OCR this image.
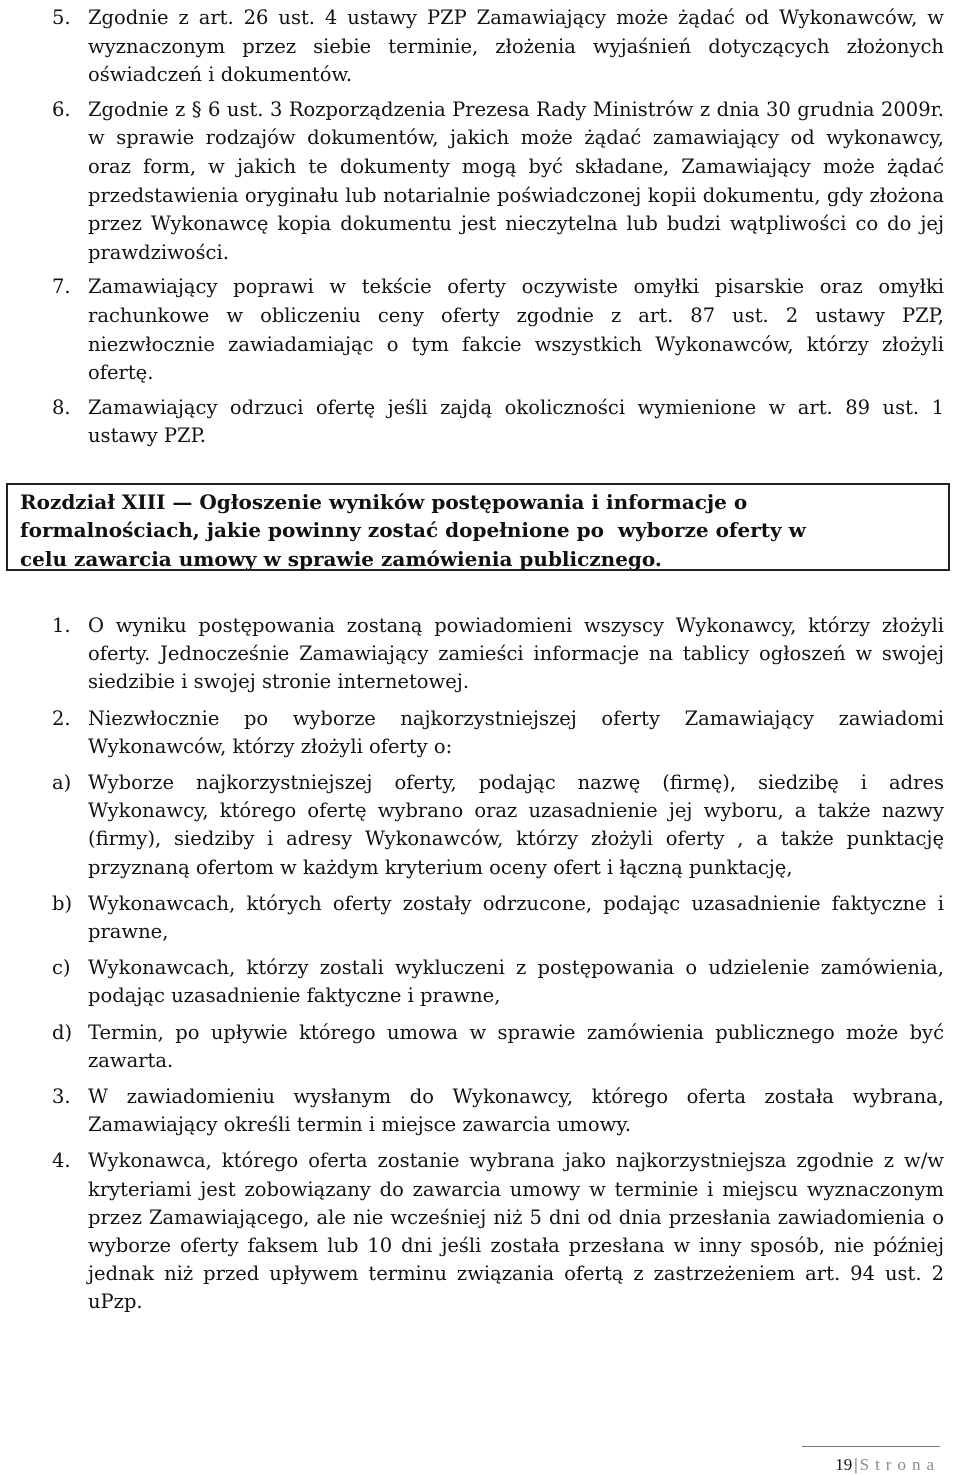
5. Zgodnie z art. 26 ust. 4 ustawy PZP Zamawiający może żądać od Wykonawców, w wyznaczonym przez siebie terminie, złożenia wyjaśnień dotyczących złożonych oświadczeń i dokumentów.
6. Zgodnie z § 6 ust. 3 Rozporządzenia Prezesa Rady Ministrów z dnia 30 grudnia 2009r. w sprawie rodzajów dokumentów, jakich może żądać zamawiający od wykonawcy, oraz form, w jakich te dokumenty mogą być składane, Zamawiający może żądać przedstawienia oryginału lub notarialnie poświadczonej kopii dokumentu, gdy złożona przez Wykonawcę kopia dokumentu jest nieczytelna lub budzi wątpliwości co do jej prawdziwości.
7. Zamawiający poprawi w tekście oferty oczywiste omyłki pisarskie oraz omyłki rachunkowe w obliczeniu ceny oferty zgodnie z art. 87 ust. 2 ustawy PZP, niezwłocznie zawiadamiając o tym fakcie wszystkich Wykonawców, którzy złożyli ofertę.
8. Zamawiający odrzuci ofertę jeśli zajdą okoliczności wymienione w art. 89 ust. 1 ustawy PZP.
Rozdział XIII — Ogłoszenie wyników postępowania i informacje o
formalnościach, jakie powinny zostać dopełnione po  wyborze oferty w
celu zawarcia umowy w sprawie zamówienia publicznego.
1. O wyniku postępowania zostaną powiadomieni wszyscy Wykonawcy, którzy złożyli oferty. Jednocześnie Zamawiający zamieści informacje na tablicy ogłoszeń w swojej siedzibie i swojej stronie internetowej.
2. Niezwłocznie po wyborze najkorzystniejszej oferty Zamawiający zawiadomi Wykonawców, którzy złożyli oferty o:
a) Wyborze najkorzystniejszej oferty, podając nazwę (firmę), siedzibę i adres Wykonawcy, którego ofertę wybrano oraz uzasadnienie jej wyboru, a także nazwy (firmy), siedziby i adresy Wykonawców, którzy złożyli oferty , a także punktację przyznaną ofertom w każdym kryterium oceny ofert i łączną punktację,
b) Wykonawcach, których oferty zostały odrzucone, podając uzasadnienie faktyczne i prawne,
c) Wykonawcach, którzy zostali wykluczeni z postępowania o udzielenie zamówienia, podając uzasadnienie faktyczne i prawne,
d) Termin, po upływie którego umowa w sprawie zamówienia publicznego może być zawarta.
3. W zawiadomieniu wysłanym do Wykonawcy, którego oferta została wybrana, Zamawiający określi termin i miejsce zawarcia umowy.
4. Wykonawca, którego oferta zostanie wybrana jako najkorzystniejsza zgodnie z w/w kryteriami jest zobowiązany do zawarcia umowy w terminie i miejscu wyznaczonym przez Zamawiającego, ale nie wcześniej niż 5 dni od dnia przesłania zawiadomienia o wyborze oferty faksem lub 10 dni jeśli została przesłana w inny sposób, nie później jednak niż przed upływem terminu związania ofertą z zastrzeżeniem art. 94 ust. 2 uPzp.
19 | Strona
